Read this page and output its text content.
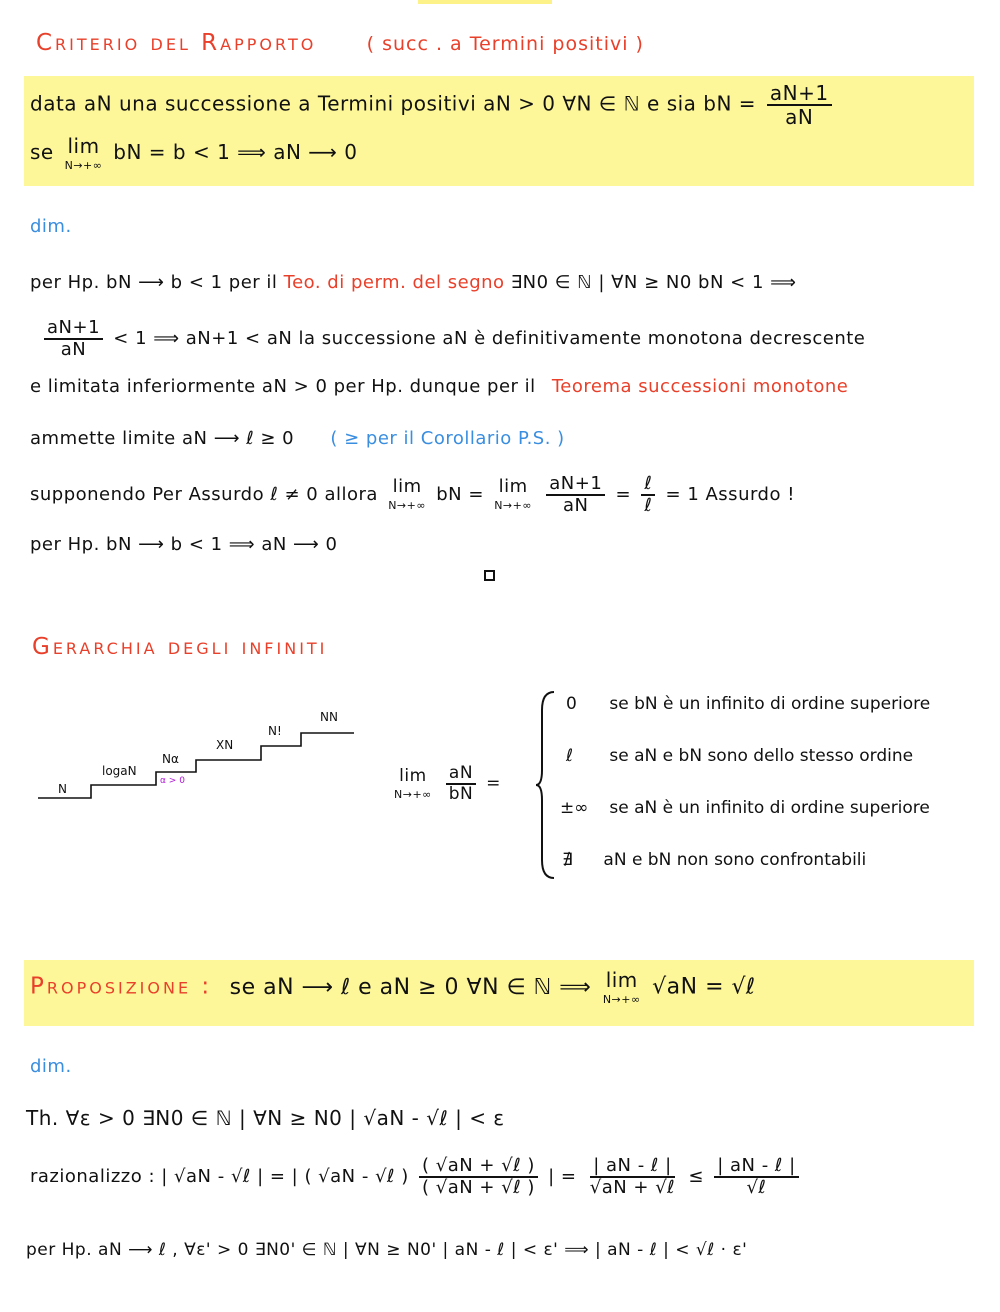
Criterio del Rapporto	( succ . a Termini positivi )
data aN una successione a Termini positivi aN > 0 ∀N ∈ ℕ e sia bN = $\frac{aN+1}{aN}$
se lim
N→+∞
bN = b < 1 ⟹ aN ⟶ 0
dim.
per Hp. bN ⟶ b < 1 per il Teo. di perm. del segno ∃N0 ∈ ℕ | ∀N ≥ N0 bN < 1 ⟹
$\frac{aN+1}{aN} < 1$ ⟹ aN+1 < aN la successione aN è definitivamente monotona decrescente
e limitata inferiormente aN > 0 per Hp. dunque per il Teorema successioni monotone
ammette limite aN ⟶ ℓ ≥ 0 ( ≥ per il Corollario P.S. )
supponendo Per Assurdo ℓ ≠ 0 allora lim
N→+∞
bN = lim
N→+∞
$\frac{aN+1}{aN} = \frac{\text{ℓ}}{\text{ℓ}} = 1$ Assurdo !
per Hp. bN ⟶ b < 1 ⟹ aN ⟶ 0
Gerarchia degli infiniti
N
logaN
Nα
α > 0
XN
N!
NN
lim
N→+∞
$\frac{aN}{bN}$ =
0 se bN è un infinito di ordine superiore
ℓ se aN e bN sono dello stesso ordine
±∞ se aN è un infinito di ordine superiore
∄ aN e bN non sono confrontabili
Proposizione : se aN ⟶ ℓ e aN ≥ 0 ∀N ∈ ℕ ⟹ lim
N→+∞ √aN = √ℓ
dim.
Th. ∀ε > 0 ∃N0 ∈ ℕ | ∀N ≥ N0 | √aN - √ℓ | < ε
razionalizzo : | √aN - √ℓ | = | ( √aN - √ℓ ) $\frac{\text{( √aN + √ℓ )}}{\text{( √aN + √ℓ )}}$ | = $\frac{\text{| aN - ℓ |}}{\text{√aN + √ℓ}} \le \frac{\text{| aN - ℓ |}}{\text{√ℓ}}$
per Hp. aN ⟶ ℓ , ∀ε' > 0 ∃N0' ∈ ℕ | ∀N ≥ N0' | aN - ℓ | < ε' ⟹ | aN - ℓ | < √ℓ · ε'
